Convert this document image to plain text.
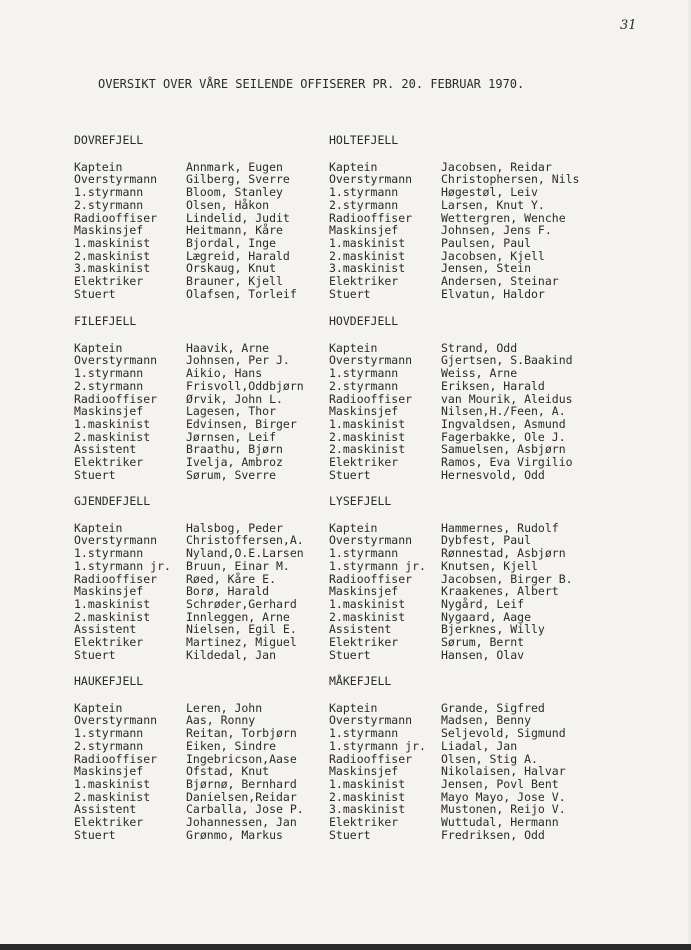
31
OVERSIKT OVER VÅRE SEILENDE OFFISERER PR. 20. FEBRUAR 1970.
DOVREFJELL
Kaptein	Annmark, Eugen
Overstyrmann	Gilberg, Sverre
1.styrmann	Bloom, Stanley
2.styrmann	Olsen, Håkon
Radiooffiser	Lindelid, Judit
Maskinsjef	Heitmann, Kåre
1.maskinist	Bjordal, Inge
2.maskinist	Lægreid, Harald
3.maskinist	Orskaug, Knut
Elektriker	Brauner, Kjell
Stuert	Olafsen, Torleif
HOLTEFJELL
Kaptein	Jacobsen, Reidar
Overstyrmann	Christophersen, Nils
1.styrmann	Høgestøl, Leiv
2.styrmann	Larsen, Knut Y.
Radiooffiser	Wettergren, Wenche
Maskinsjef	Johnsen, Jens F.
1.maskinist	Paulsen, Paul
2.maskinist	Jacobsen, Kjell
3.maskinist	Jensen, Stein
Elektriker	Andersen, Steinar
Stuert	Elvatun, Haldor
FILEFJELL
Kaptein	Haavik, Arne
Overstyrmann	Johnsen, Per J.
1.styrmann	Aikio, Hans
2.styrmann	Frisvoll,Oddbjørn
Radiooffiser	Ørvik, John L.
Maskinsjef	Lagesen, Thor
1.maskinist	Edvinsen, Birger
2.maskinist	Jørnsen, Leif
Assistent	Braathu, Bjørn
Elektriker	Ivelja, Ambroz
Stuert	Sørum, Sverre
HOVDEFJELL
Kaptein	Strand, Odd
Overstyrmann	Gjertsen, S.Baakind
1.styrmann	Weiss, Arne
2.styrmann	Eriksen, Harald
Radiooffiser	van Mourik, Aleidus
Maskinsjef	Nilsen,H./Feen, A.
1.maskinist	Ingvaldsen, Asmund
2.maskinist	Fagerbakke, Ole J.
2.maskinist	Samuelsen, Asbjørn
Elektriker	Ramos, Eva Virgilio
Stuert	Hernesvold, Odd
GJENDEFJELL
Kaptein	Halsbog, Peder
Overstyrmann	Christoffersen,A.
1.styrmann	Nyland,O.E.Larsen
1.styrmann jr.	Bruun, Einar M.
Radiooffiser	Røed, Kåre E.
Maskinsjef	Borø, Harald
1.maskinist	Schrøder,Gerhard
2.maskinist	Innleggen, Arne
Assistent	Nielsen, Egil E.
Elektriker	Martinez, Miguel
Stuert	Kildedal, Jan
LYSEFJELL
Kaptein	Hammernes, Rudolf
Overstyrmann	Dybfest, Paul
1.styrmann	Rønnestad, Asbjørn
1.styrmann jr.	Knutsen, Kjell
Radiooffiser	Jacobsen, Birger B.
Maskinsjef	Kraakenes, Albert
1.maskinist	Nygård, Leif
2.maskinist	Nygaard, Aage
Assistent	Bjerknes, Willy
Elektriker	Sørum, Bernt
Stuert	Hansen, Olav
HAUKEFJELL
Kaptein	Leren, John
Overstyrmann	Aas, Ronny
1.styrmann	Reitan, Torbjørn
2.styrmann	Eiken, Sindre
Radiooffiser	Ingebricson,Aase
Maskinsjef	Ofstad, Knut
1.maskinist	Bjørnø, Bernhard
2.maskinist	Danielsen,Reidar
Assistent	Carballa, Jose P.
Elektriker	Johannessen, Jan
Stuert	Grønmo, Markus
MÅKEFJELL
Kaptein	Grande, Sigfred
Overstyrmann	Madsen, Benny
1.styrmann	Seljevold, Sigmund
1.styrmann jr.	Liadal, Jan
Radiooffiser	Olsen, Stig A.
Maskinsjef	Nikolaisen, Halvar
1.maskinist	Jensen, Povl Bent
2.maskinist	Mayo Mayo, Jose V.
3.maskinist	Mustonen, Reijo V.
Elektriker	Wuttudal, Hermann
Stuert	Fredriksen, Odd
